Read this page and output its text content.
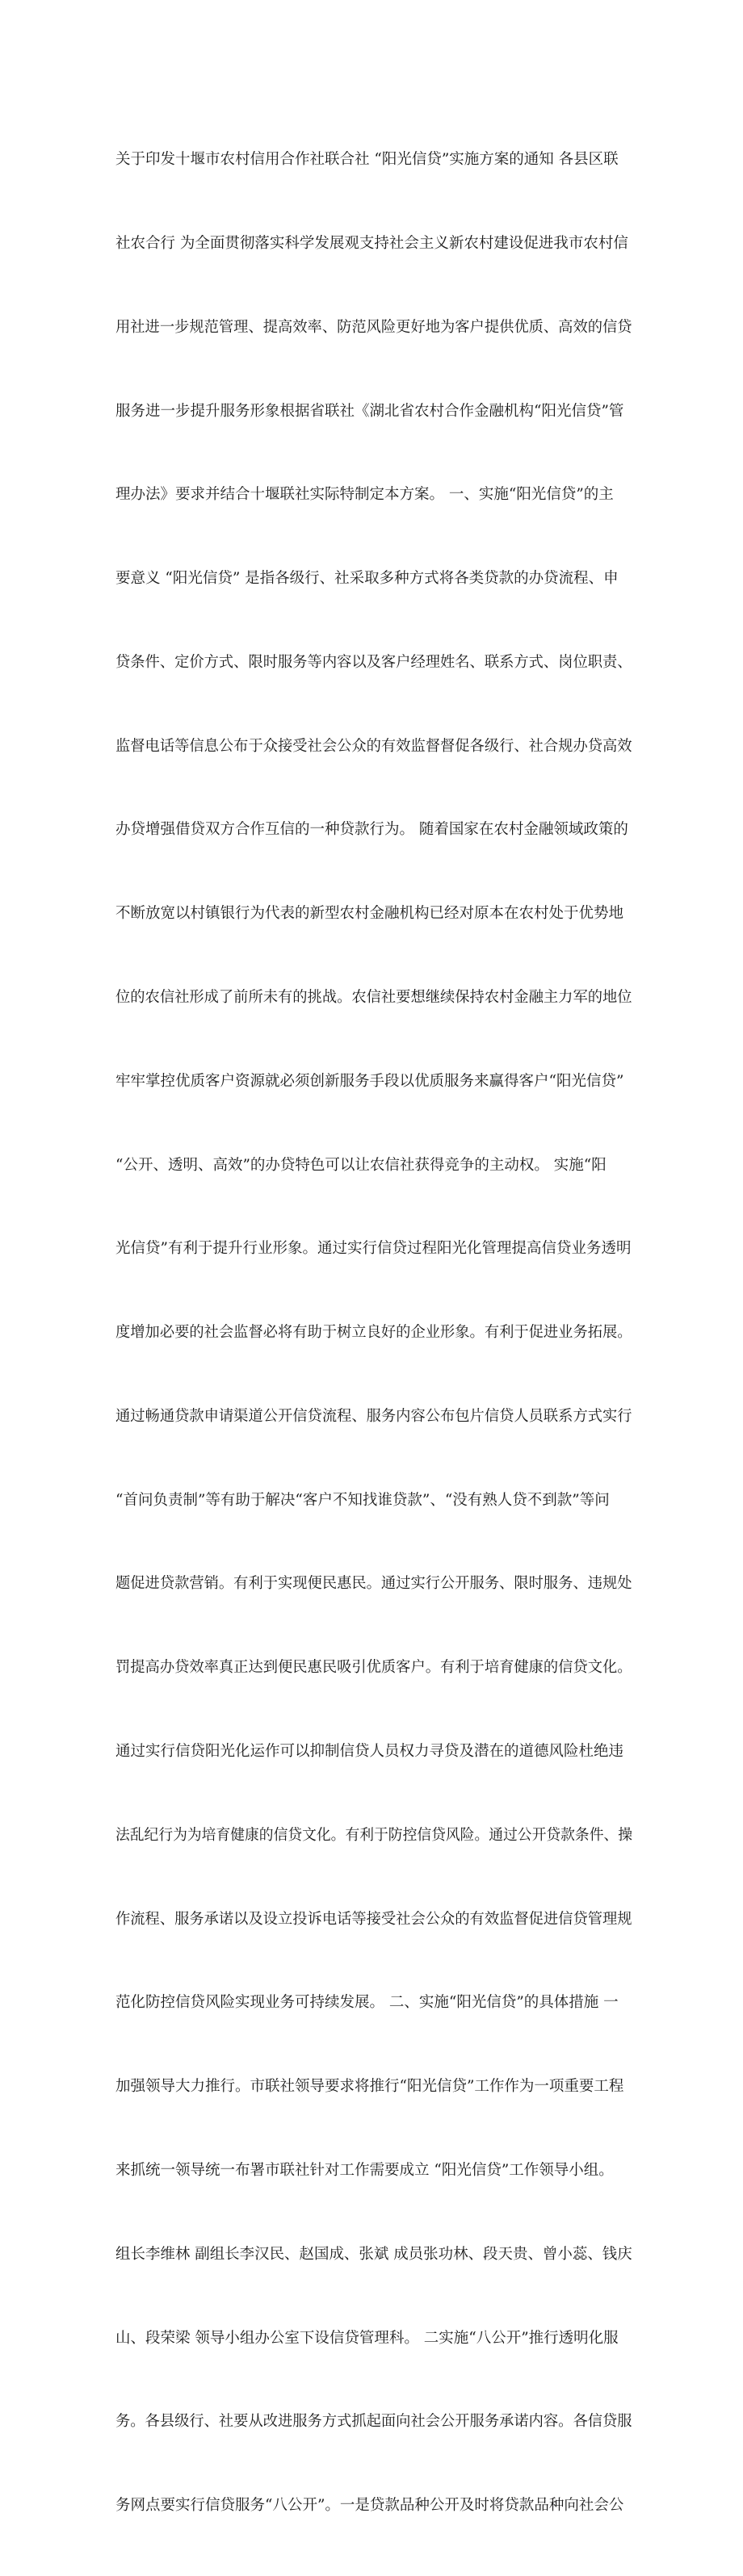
关于印发十堰市农村信用合作社联合社 “阳光信贷”实施方案的通知 各县区联

社农合行 为全面贯彻落实科学发展观支持社会主义新农村建设促进我市农村信

用社进一步规范管理、提高效率、防范风险更好地为客户提供优质、高效的信贷

服务进一步提升服务形象根据省联社《湖北省农村合作金融机构“阳光信贷”管

理办法》要求并结合十堰联社实际特制定本方案。 一、实施“阳光信贷”的主

要意义 “阳光信贷” 是指各级行、社采取多种方式将各类贷款的办贷流程、申

贷条件、定价方式、限时服务等内容以及客户经理姓名、联系方式、岗位职责、

监督电话等信息公布于众接受社会公众的有效监督督促各级行、社合规办贷高效

办贷增强借贷双方合作互信的一种贷款行为。 随着国家在农村金融领域政策的

不断放宽以村镇银行为代表的新型农村金融机构已经对原本在农村处于优势地

位的农信社形成了前所未有的挑战。农信社要想继续保持农村金融主力军的地位

牢牢掌控优质客户资源就必须创新服务手段以优质服务来赢得客户“阳光信贷”

“公开、透明、高效”的办贷特色可以让农信社获得竞争的主动权。 实施“阳

光信贷”有利于提升行业形象。通过实行信贷过程阳光化管理提高信贷业务透明

度增加必要的社会监督必将有助于树立良好的企业形象。有利于促进业务拓展。

通过畅通贷款申请渠道公开信贷流程、服务内容公布包片信贷人员联系方式实行

“首问负责制”等有助于解决“客户不知找谁贷款”、“没有熟人贷不到款”等问

题促进贷款营销。有利于实现便民惠民。通过实行公开服务、限时服务、违规处

罚提高办贷效率真正达到便民惠民吸引优质客户。有利于培育健康的信贷文化。

通过实行信贷阳光化运作可以抑制信贷人员权力寻贷及潜在的道德风险杜绝违

法乱纪行为为培育健康的信贷文化。有利于防控信贷风险。通过公开贷款条件、操

作流程、服务承诺以及设立投诉电话等接受社会公众的有效监督促进信贷管理规

范化防控信贷风险实现业务可持续发展。 二、实施“阳光信贷”的具体措施 一

加强领导大力推行。市联社领导要求将推行“阳光信贷”工作作为一项重要工程

来抓统一领导统一布署市联社针对工作需要成立 “阳光信贷”工作领导小组。

组长李维林 副组长李汉民、赵国成、张斌 成员张功林、段天贵、曾小蕊、钱庆

山、段荣梁 领导小组办公室下设信贷管理科。 二实施“八公开”推行透明化服

务。各县级行、社要从改进服务方式抓起面向社会公开服务承诺内容。各信贷服

务网点要实行信贷服务“八公开”。一是贷款品种公开及时将贷款品种向社会公
